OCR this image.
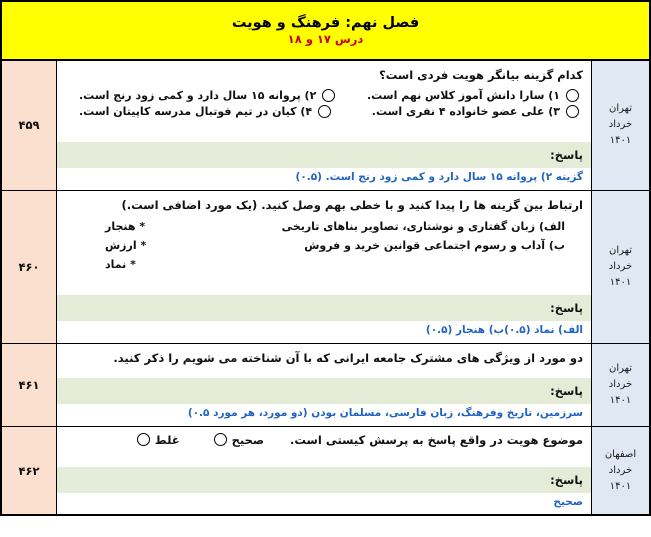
فصل نهم: فرهنگ و هویت
درس ۱۷ و ۱۸
تهران
خرداد
۱۴۰۱

کدام گزینه بیانگر هویت فردی است؟
۱) سارا دانش آموز کلاس نهم است.
۲) پروانه ۱۵ سال دارد و کمی زود رنج است.
۳) علی عضو خانواده ۴ نفری است.
۴) کیان در تیم فوتبال مدرسه کاپیتان است.
پاسخ:
گزینه ۲) پروانه ۱۵ سال دارد و کمی زود رنج است. (۰.۵)
	۴۵۹

تهران
خرداد
۱۴۰۱

ارتباط بین گزینه ها را پیدا کنید و با خطی بهم وصل کنید. (یک مورد اضافی است.)
الف) زبان گفتاری و نوشتاری، تصاویر بناهای تاریخی
* هنجار
ب) آداب و رسوم اجتماعی قوانین خرید و فروش
* ارزش
* نماد
پاسخ:
الف) نماد (۰.۵)
ب) هنجار (۰.۵)
	۴۶۰

تهران
خرداد
۱۴۰۱

دو مورد از ویژگی های مشترک جامعه ایرانی که با آن شناخته می شویم را ذکر کنید.
پاسخ:
سرزمین، تاریخ وفرهنگ، زبان فارسی، مسلمان بودن (دو مورد، هر مورد ۰.۵)
	۴۶۱

اصفهان
خرداد
۱۴۰۱

موضوع هویت در واقع پاسخ به پرسش کیستی است.
صحیح
غلط
پاسخ:
صحیح
	۴۶۲
